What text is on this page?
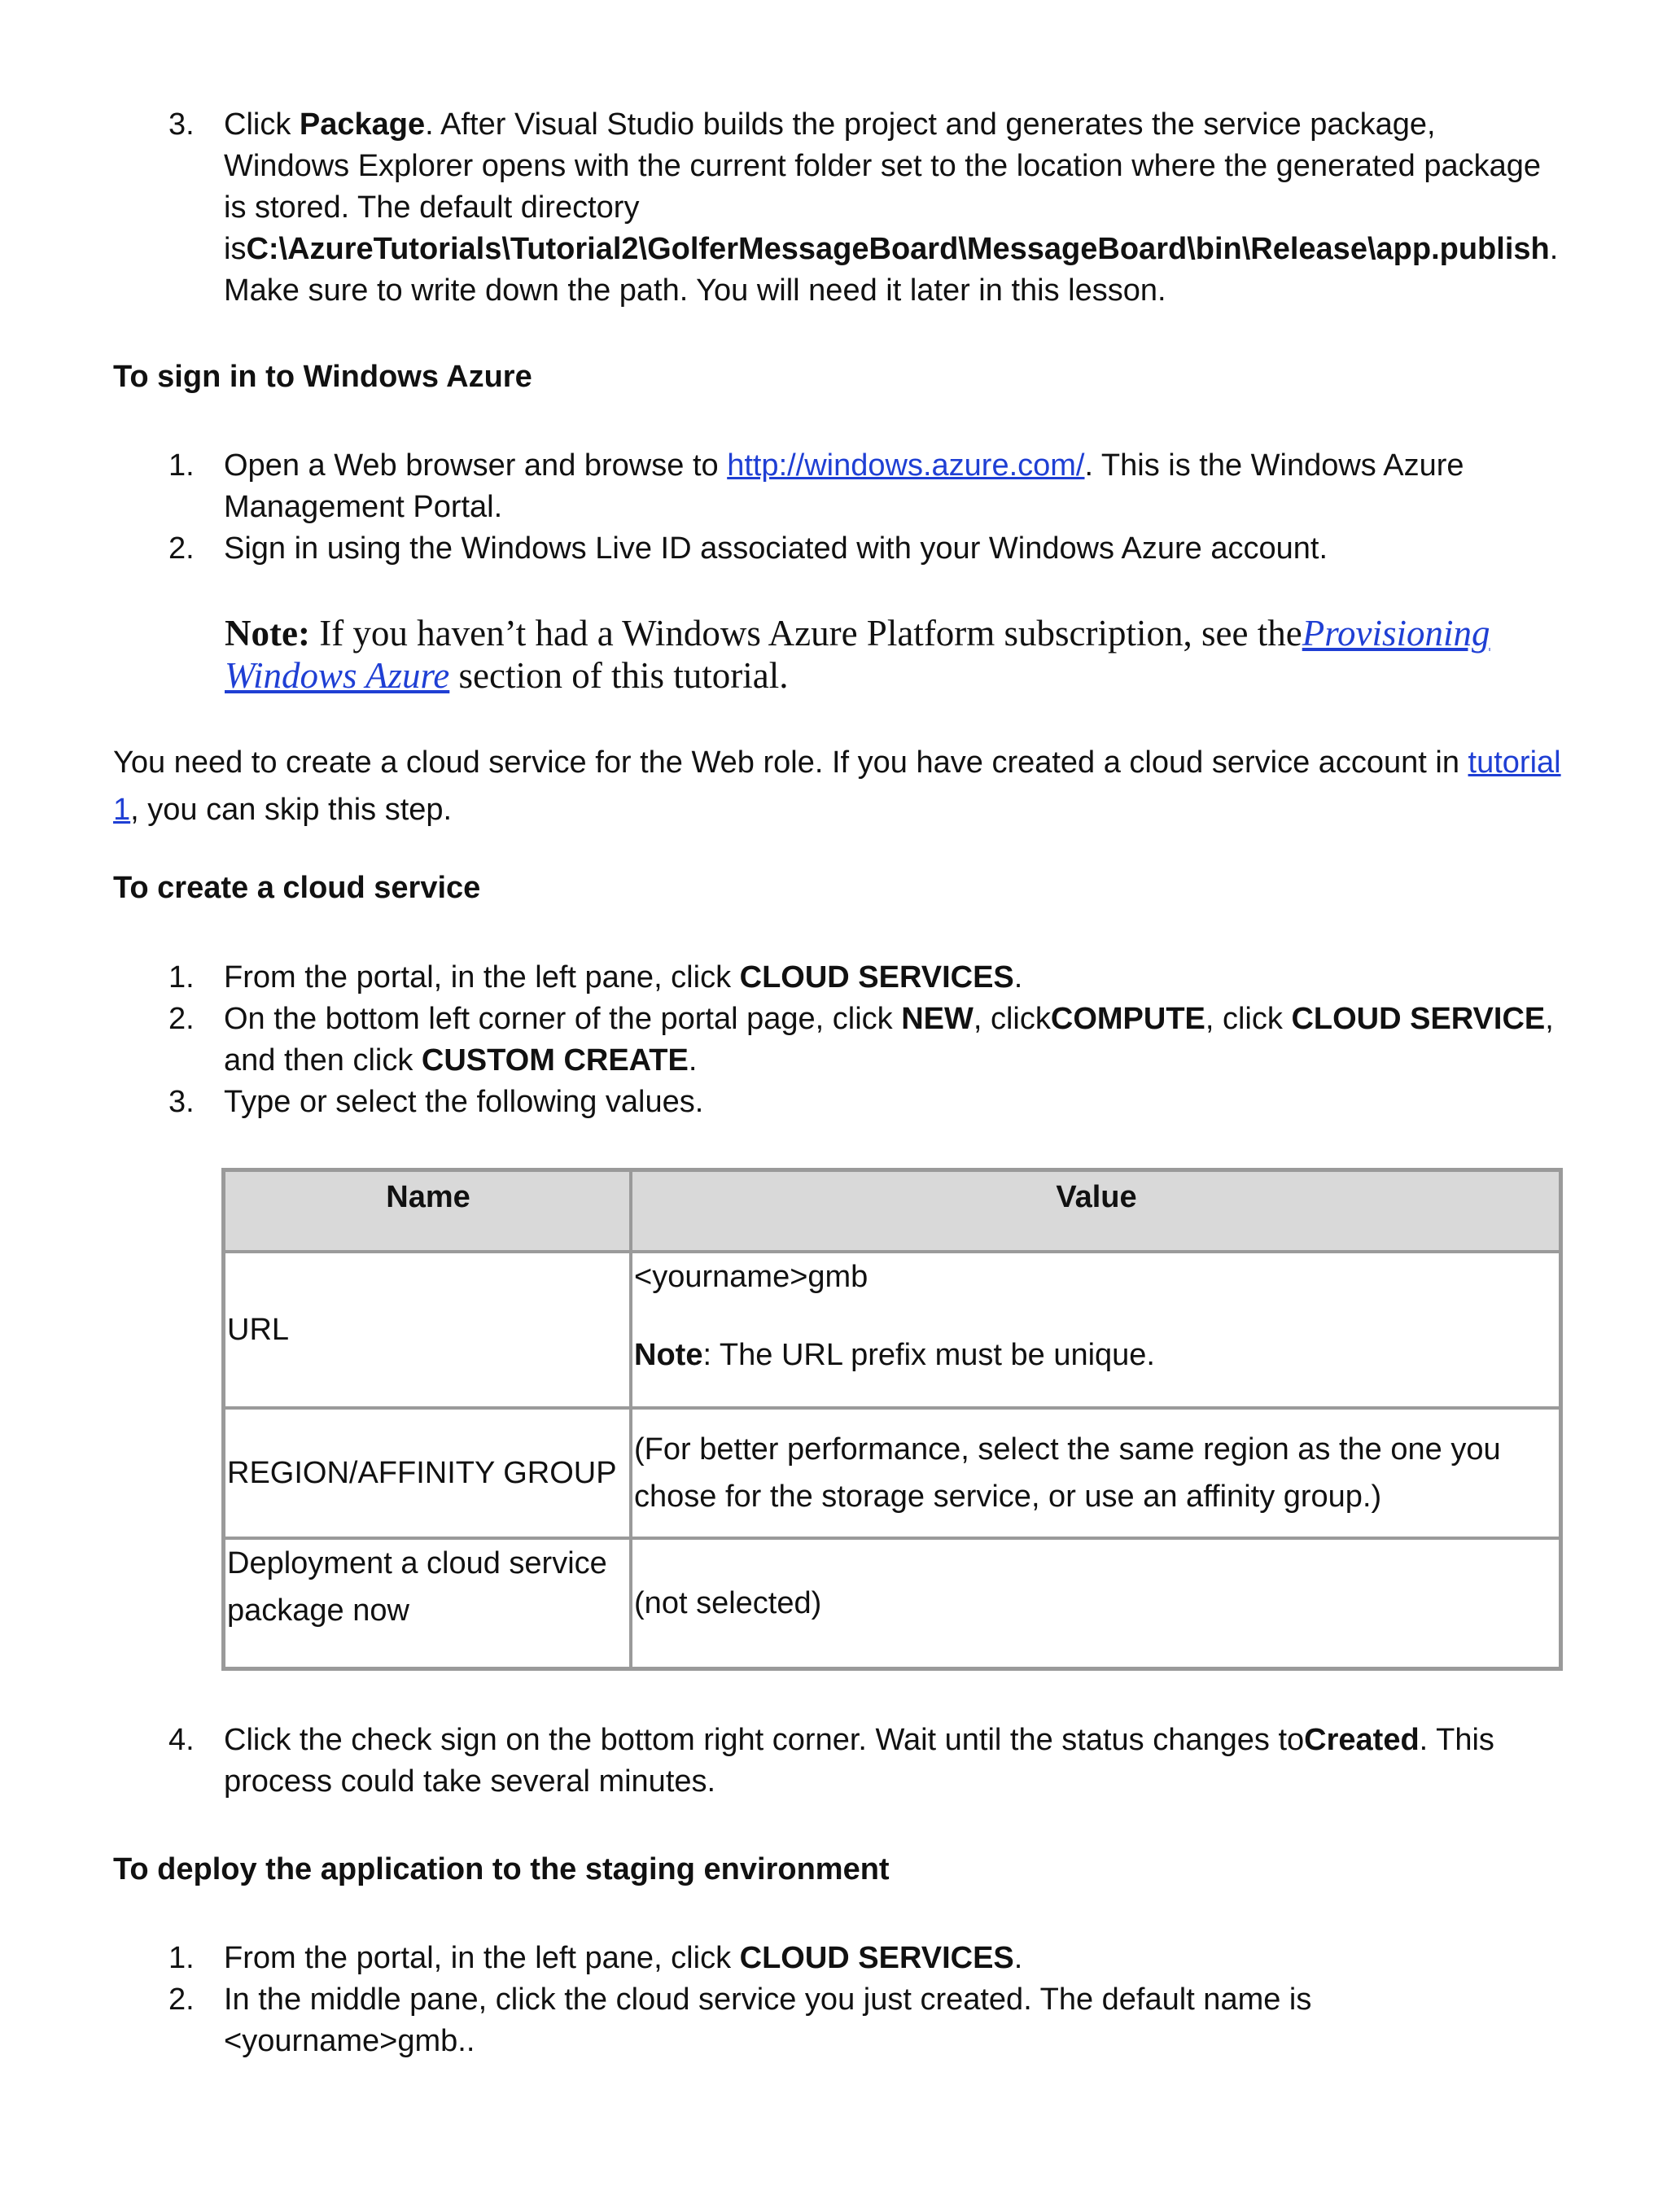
3. Click Package. After Visual Studio builds the project and generates the service package, Windows Explorer opens with the current folder set to the location where the generated package is stored. The default directory isC:\AzureTutorials\Tutorial2\GolferMessageBoard\MessageBoard\bin\Release\app.publish.
Make sure to write down the path. You will need it later in this lesson.
To sign in to Windows Azure
1. Open a Web browser and browse to http://windows.azure.com/. This is the Windows Azure Management Portal.
2. Sign in using the Windows Live ID associated with your Windows Azure account.
Note: If you haven’t had a Windows Azure Platform subscription, see theProvisioning Windows Azure section of this tutorial.
You need to create a cloud service for the Web role. If you have created a cloud service account in tutorial 1, you can skip this step.
To create a cloud service
1. From the portal, in the left pane, click CLOUD SERVICES.
2. On the bottom left corner of the portal page, click NEW, clickCOMPUTE, click CLOUD SERVICE, and then click CUSTOM CREATE.
3. Type or select the following values.
Name	Value
URL	<yourname>gmb
Note: The URL prefix must be unique.

REGION/AFFINITY GROUP	(For better performance, select the same region as the one you chose for the storage service, or use an affinity group.)
Deployment a cloud service package now	(not selected)
4. Click the check sign on the bottom right corner. Wait until the status changes toCreated. This process could take several minutes.
To deploy the application to the staging environment
1. From the portal, in the left pane, click CLOUD SERVICES.
2. In the middle pane, click the cloud service you just created. The default name is <yourname>gmb..
